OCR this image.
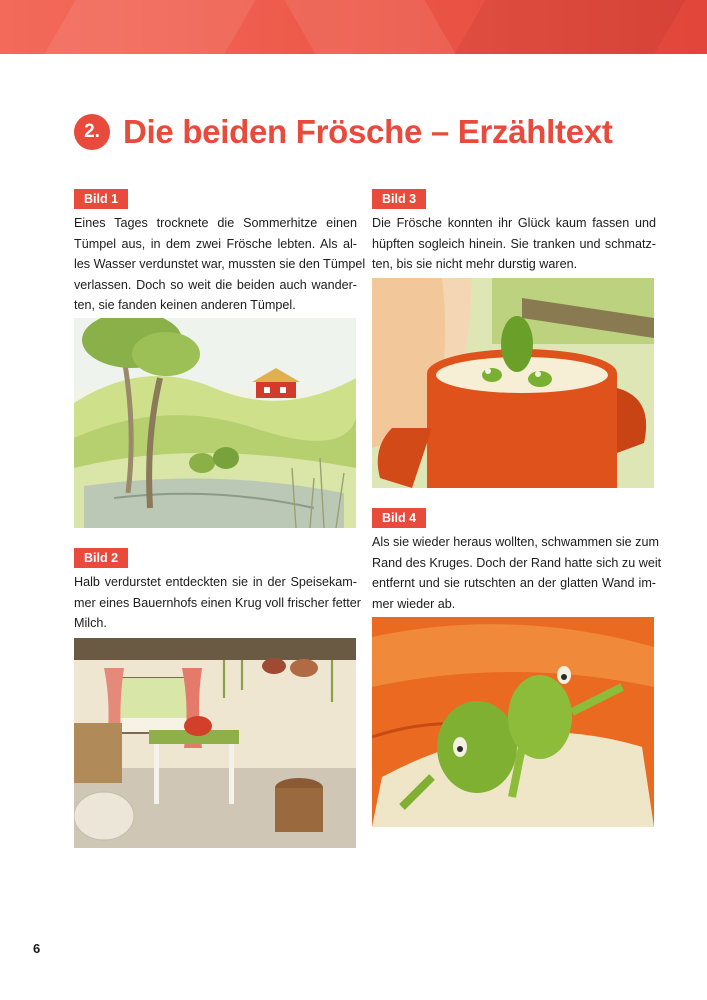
2. Die beiden Frösche – Erzähltext
Bild 1
Eines Tages trocknete die Sommerhitze einen
Tümpel aus, in dem zwei Frösche lebten. Als al-
les Wasser verdunstet war, mussten sie den Tümpel
verlassen. Doch so weit die beiden auch wander-
ten, sie fanden keinen anderen Tümpel.
Bild 2
Halb verdurstet entdeckten sie in der Speisekam-
mer eines Bauernhofs einen Krug voll frischer fetter
Milch.
Bild 3
Die Frösche konnten ihr Glück kaum fassen und
hüpften sogleich hinein. Sie tranken und schmatz-
ten, bis sie nicht mehr durstig waren.
Bild 4
Als sie wieder heraus wollten, schwammen sie zum
Rand des Kruges. Doch der Rand hatte sich zu weit
entfernt und sie rutschten an der glatten Wand im-
mer wieder ab.
6
